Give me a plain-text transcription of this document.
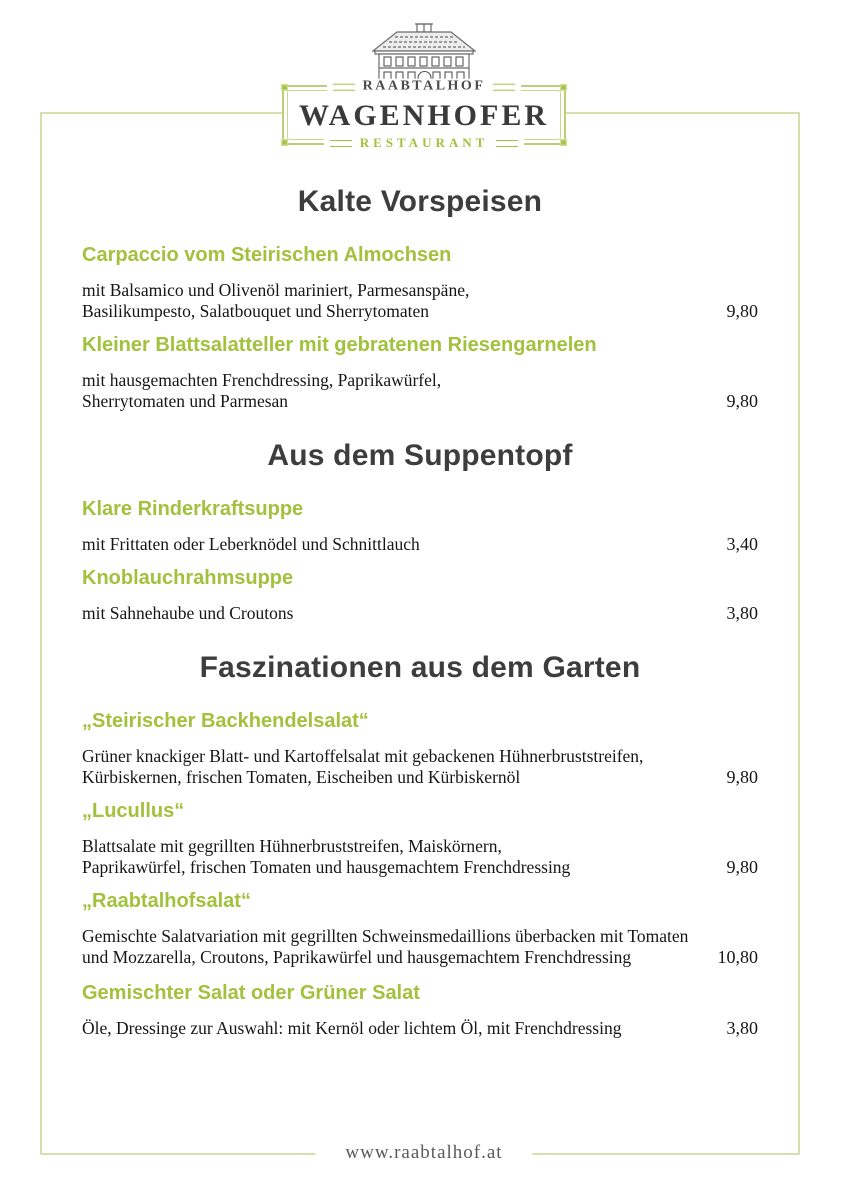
RAABTALHOF
WAGENHOFER
RESTAURANT
Kalte Vorspeisen
Carpaccio vom Steirischen Almochsen
mit Balsamico und Olivenöl mariniert, Parmesanspäne,
Basilikumpesto, Salatbouquet und Sherrytomaten	9,80
Kleiner Blattsalatteller mit gebratenen Riesengarnelen
mit hausgemachten Frenchdressing, Paprikawürfel,
Sherrytomaten und Parmesan	9,80
Aus dem Suppentopf
Klare Rinderkraftsuppe
mit Frittaten oder Leberknödel und Schnittlauch	3,40
Knoblauchrahmsuppe
mit Sahnehaube und Croutons	3,80
Faszinationen aus dem Garten
„Steirischer Backhendelsalat“
Grüner knackiger Blatt- und Kartoffelsalat mit gebackenen Hühnerbruststreifen,
Kürbiskernen, frischen Tomaten, Eischeiben und Kürbiskernöl	9,80
„Lucullus“
Blattsalate mit gegrillten Hühnerbruststreifen, Maiskörnern,
Paprikawürfel, frischen Tomaten und hausgemachtem Frenchdressing	9,80
„Raabtalhofsalat“
Gemischte Salatvariation mit gegrillten Schweinsmedaillions überbacken mit Tomaten
und Mozzarella, Croutons, Paprikawürfel und hausgemachtem Frenchdressing	10,80
Gemischter Salat oder Grüner Salat
Öle, Dressinge zur Auswahl: mit Kernöl oder lichtem Öl, mit Frenchdressing	3,80
www.raabtalhof.at
